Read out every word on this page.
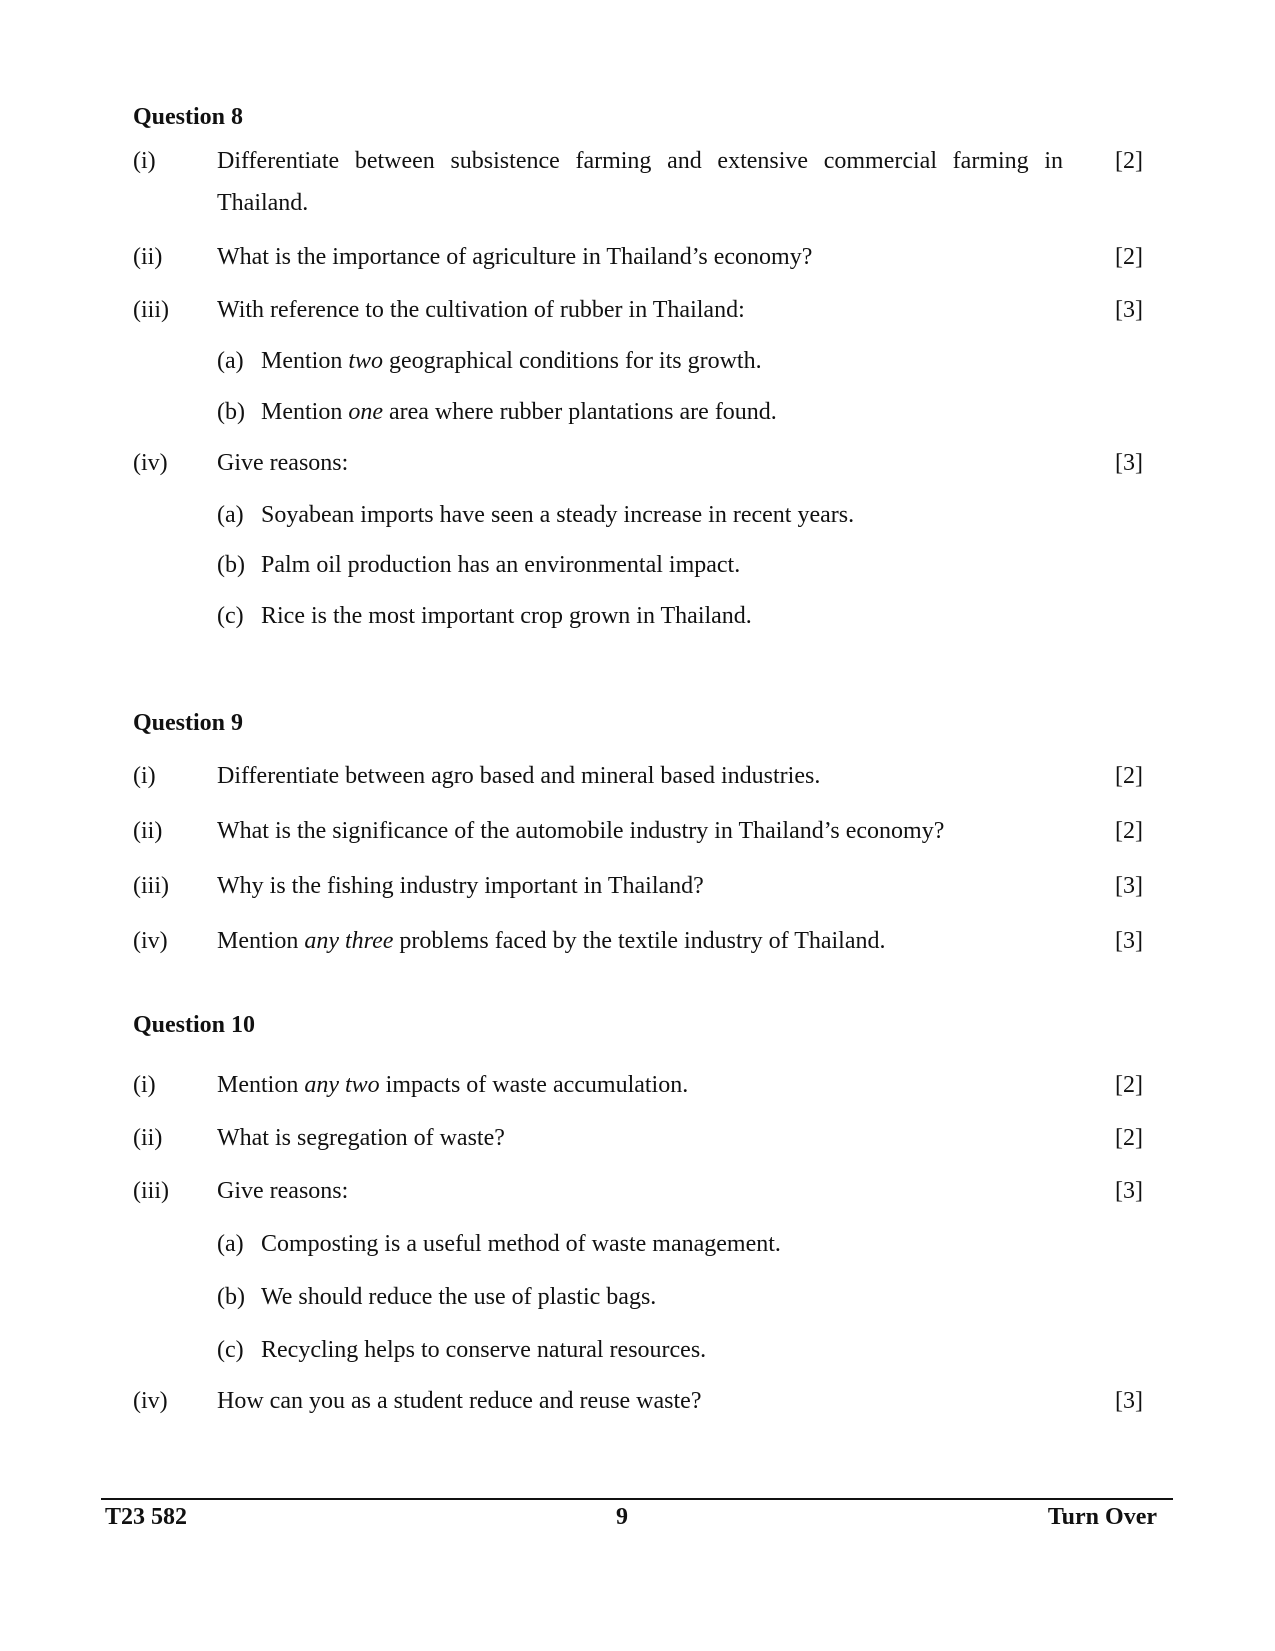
Question 8
(i)	Differentiate between subsistence farming and extensive commercial farming in Thailand.
[2]
(ii) What is the importance of agriculture in Thailand’s economy?	[2]
(iii) With reference to the cultivation of rubber in Thailand:	[3]
(a) Mention two geographical conditions for its growth.
(b) Mention one area where rubber plantations are found.
(iv) Give reasons:	[3]
(a) Soyabean imports have seen a steady increase in recent years.
(b) Palm oil production has an environmental impact.
(c) Rice is the most important crop grown in Thailand.
Question 9
(i)	Differentiate between agro based and mineral based industries.	[2]
(ii) What is the significance of the automobile industry in Thailand’s economy?	[2]
(iii) Why is the fishing industry important in Thailand?	[3]
(iv) Mention any three problems faced by the textile industry of Thailand.	[3]
Question 10
(i)	Mention any two impacts of waste accumulation.	[2]
(ii) What is segregation of waste?	[2]
(iii) Give reasons:	[3]
(a) Composting is a useful method of waste management.
(b) We should reduce the use of plastic bags.
(c) Recycling helps to conserve natural resources.
(iv) How can you as a student reduce and reuse waste?	[3]
T23 582	9	Turn Over
